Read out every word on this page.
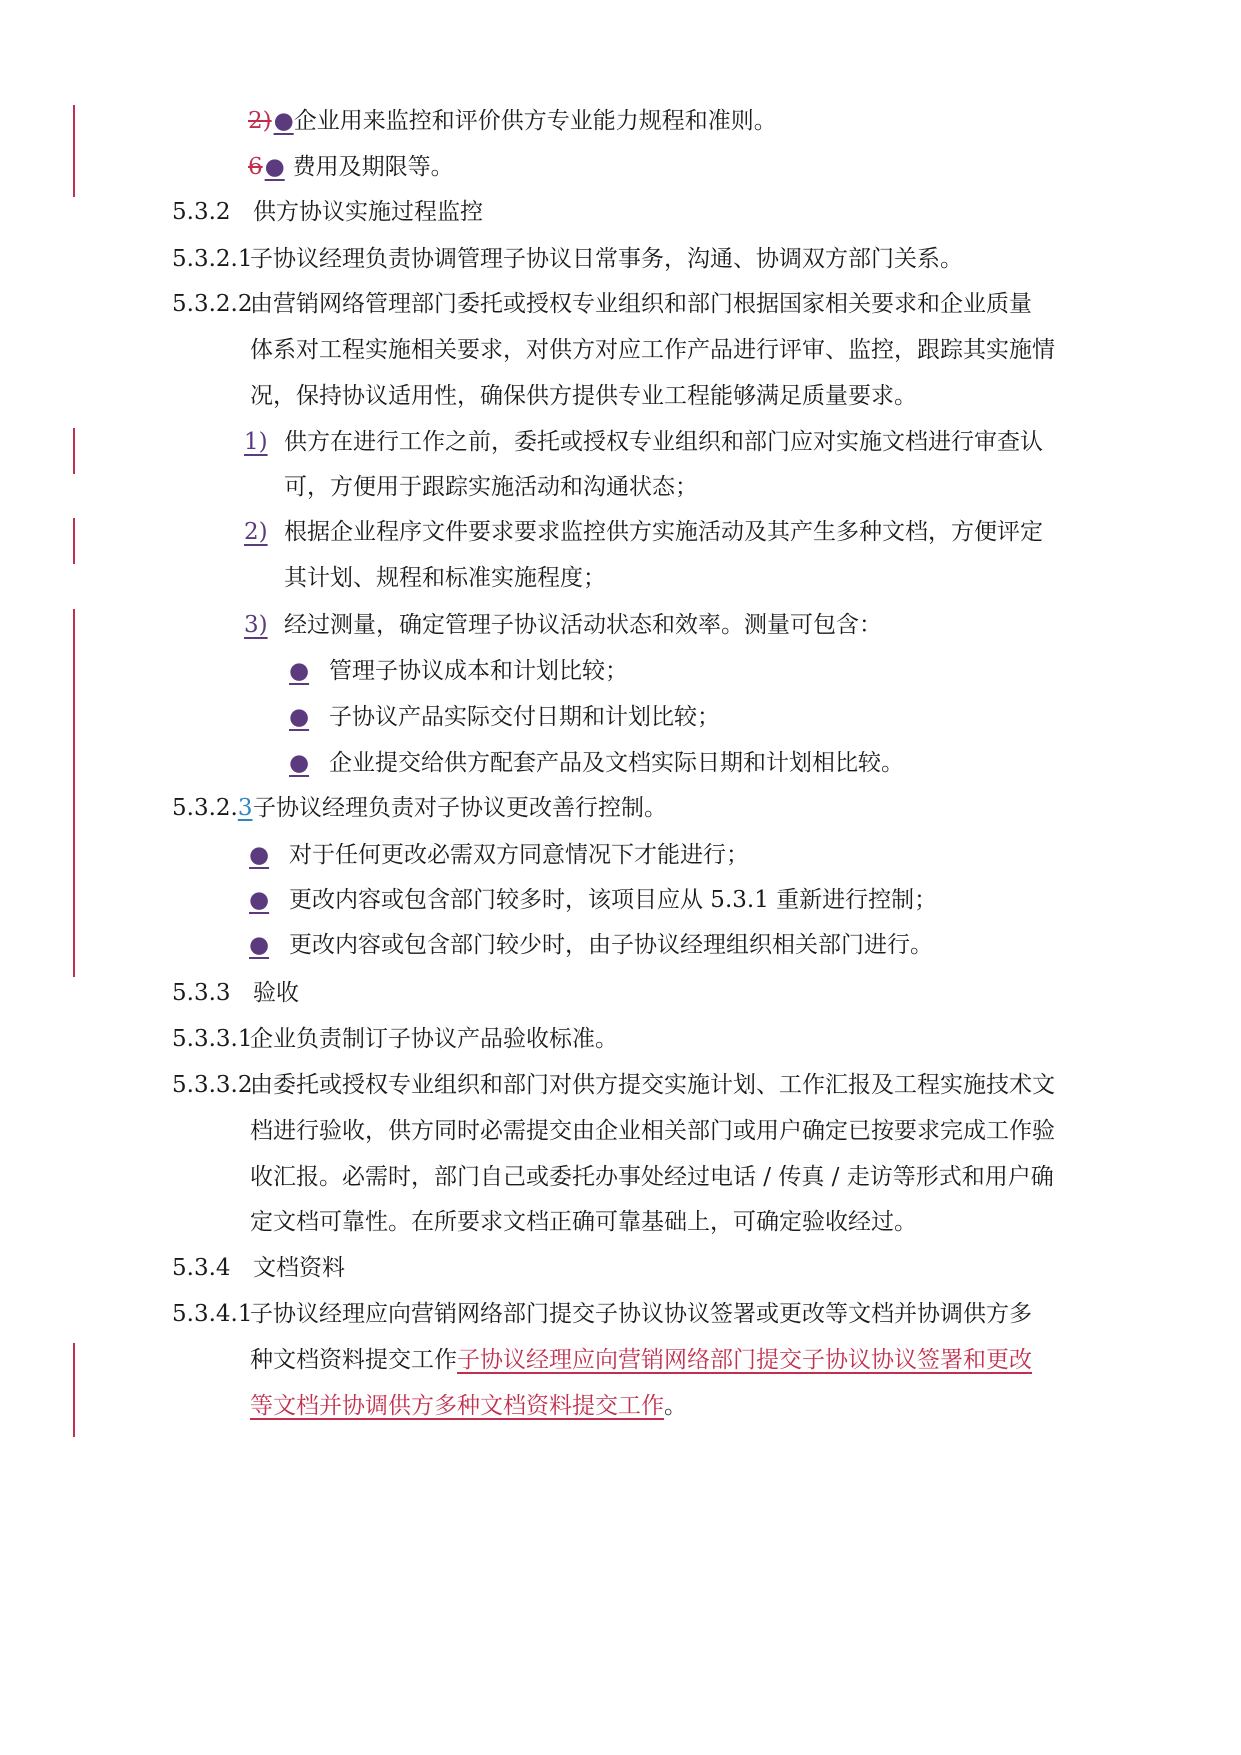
2)●企业用来监控和评价供方专业能力规程和准则。
6● 费用及期限等。
5.3.2 供方协议实施过程监控
5.3.2.1
子协议经理负责协调管理子协议日常事务，沟通、协调双方部门关系。
5.3.2.2
由营销网络管理部门委托或授权专业组织和部门根据国家相关要求和企业质量
体系对工程实施相关要求，对供方对应工作产品进行评审、监控，跟踪其实施情
况，保持协议适用性，确保供方提供专业工程能够满足质量要求。
1) 供方在进行工作之前，委托或授权专业组织和部门应对实施文档进行审查认
可，方便用于跟踪实施活动和沟通状态；
2) 根据企业程序文件要求要求监控供方实施活动及其产生多种文档，方便评定
其计划、规程和标准实施程度；
3) 经过测量，确定管理子协议活动状态和效率。测量可包含：
● 管理子协议成本和计划比较；
● 子协议产品实际交付日期和计划比较；
● 企业提交给供方配套产品及文档实际日期和计划相比较。
5.3.2.3 子协议经理负责对子协议更改善行控制。
● 对于任何更改必需双方同意情况下才能进行；
● 更改内容或包含部门较多时，该项目应从 5.3.1 重新进行控制；
● 更改内容或包含部门较少时，由子协议经理组织相关部门进行。
5.3.3 验收
5.3.3.1
企业负责制订子协议产品验收标准。
5.3.3.2
由委托或授权专业组织和部门对供方提交实施计划、工作汇报及工程实施技术文
档进行验收，供方同时必需提交由企业相关部门或用户确定已按要求完成工作验
收汇报。必需时，部门自己或委托办事处经过电话 / 传真 / 走访等形式和用户确
定文档可靠性。在所要求文档正确可靠基础上，可确定验收经过。
5.3.4 文档资料
5.3.4.1
子协议经理应向营销网络部门提交子协议协议签署或更改等文档并协调供方多
种文档资料提交工作子协议经理应向营销网络部门提交子协议协议签署和更改
等文档并协调供方多种文档资料提交工作。
